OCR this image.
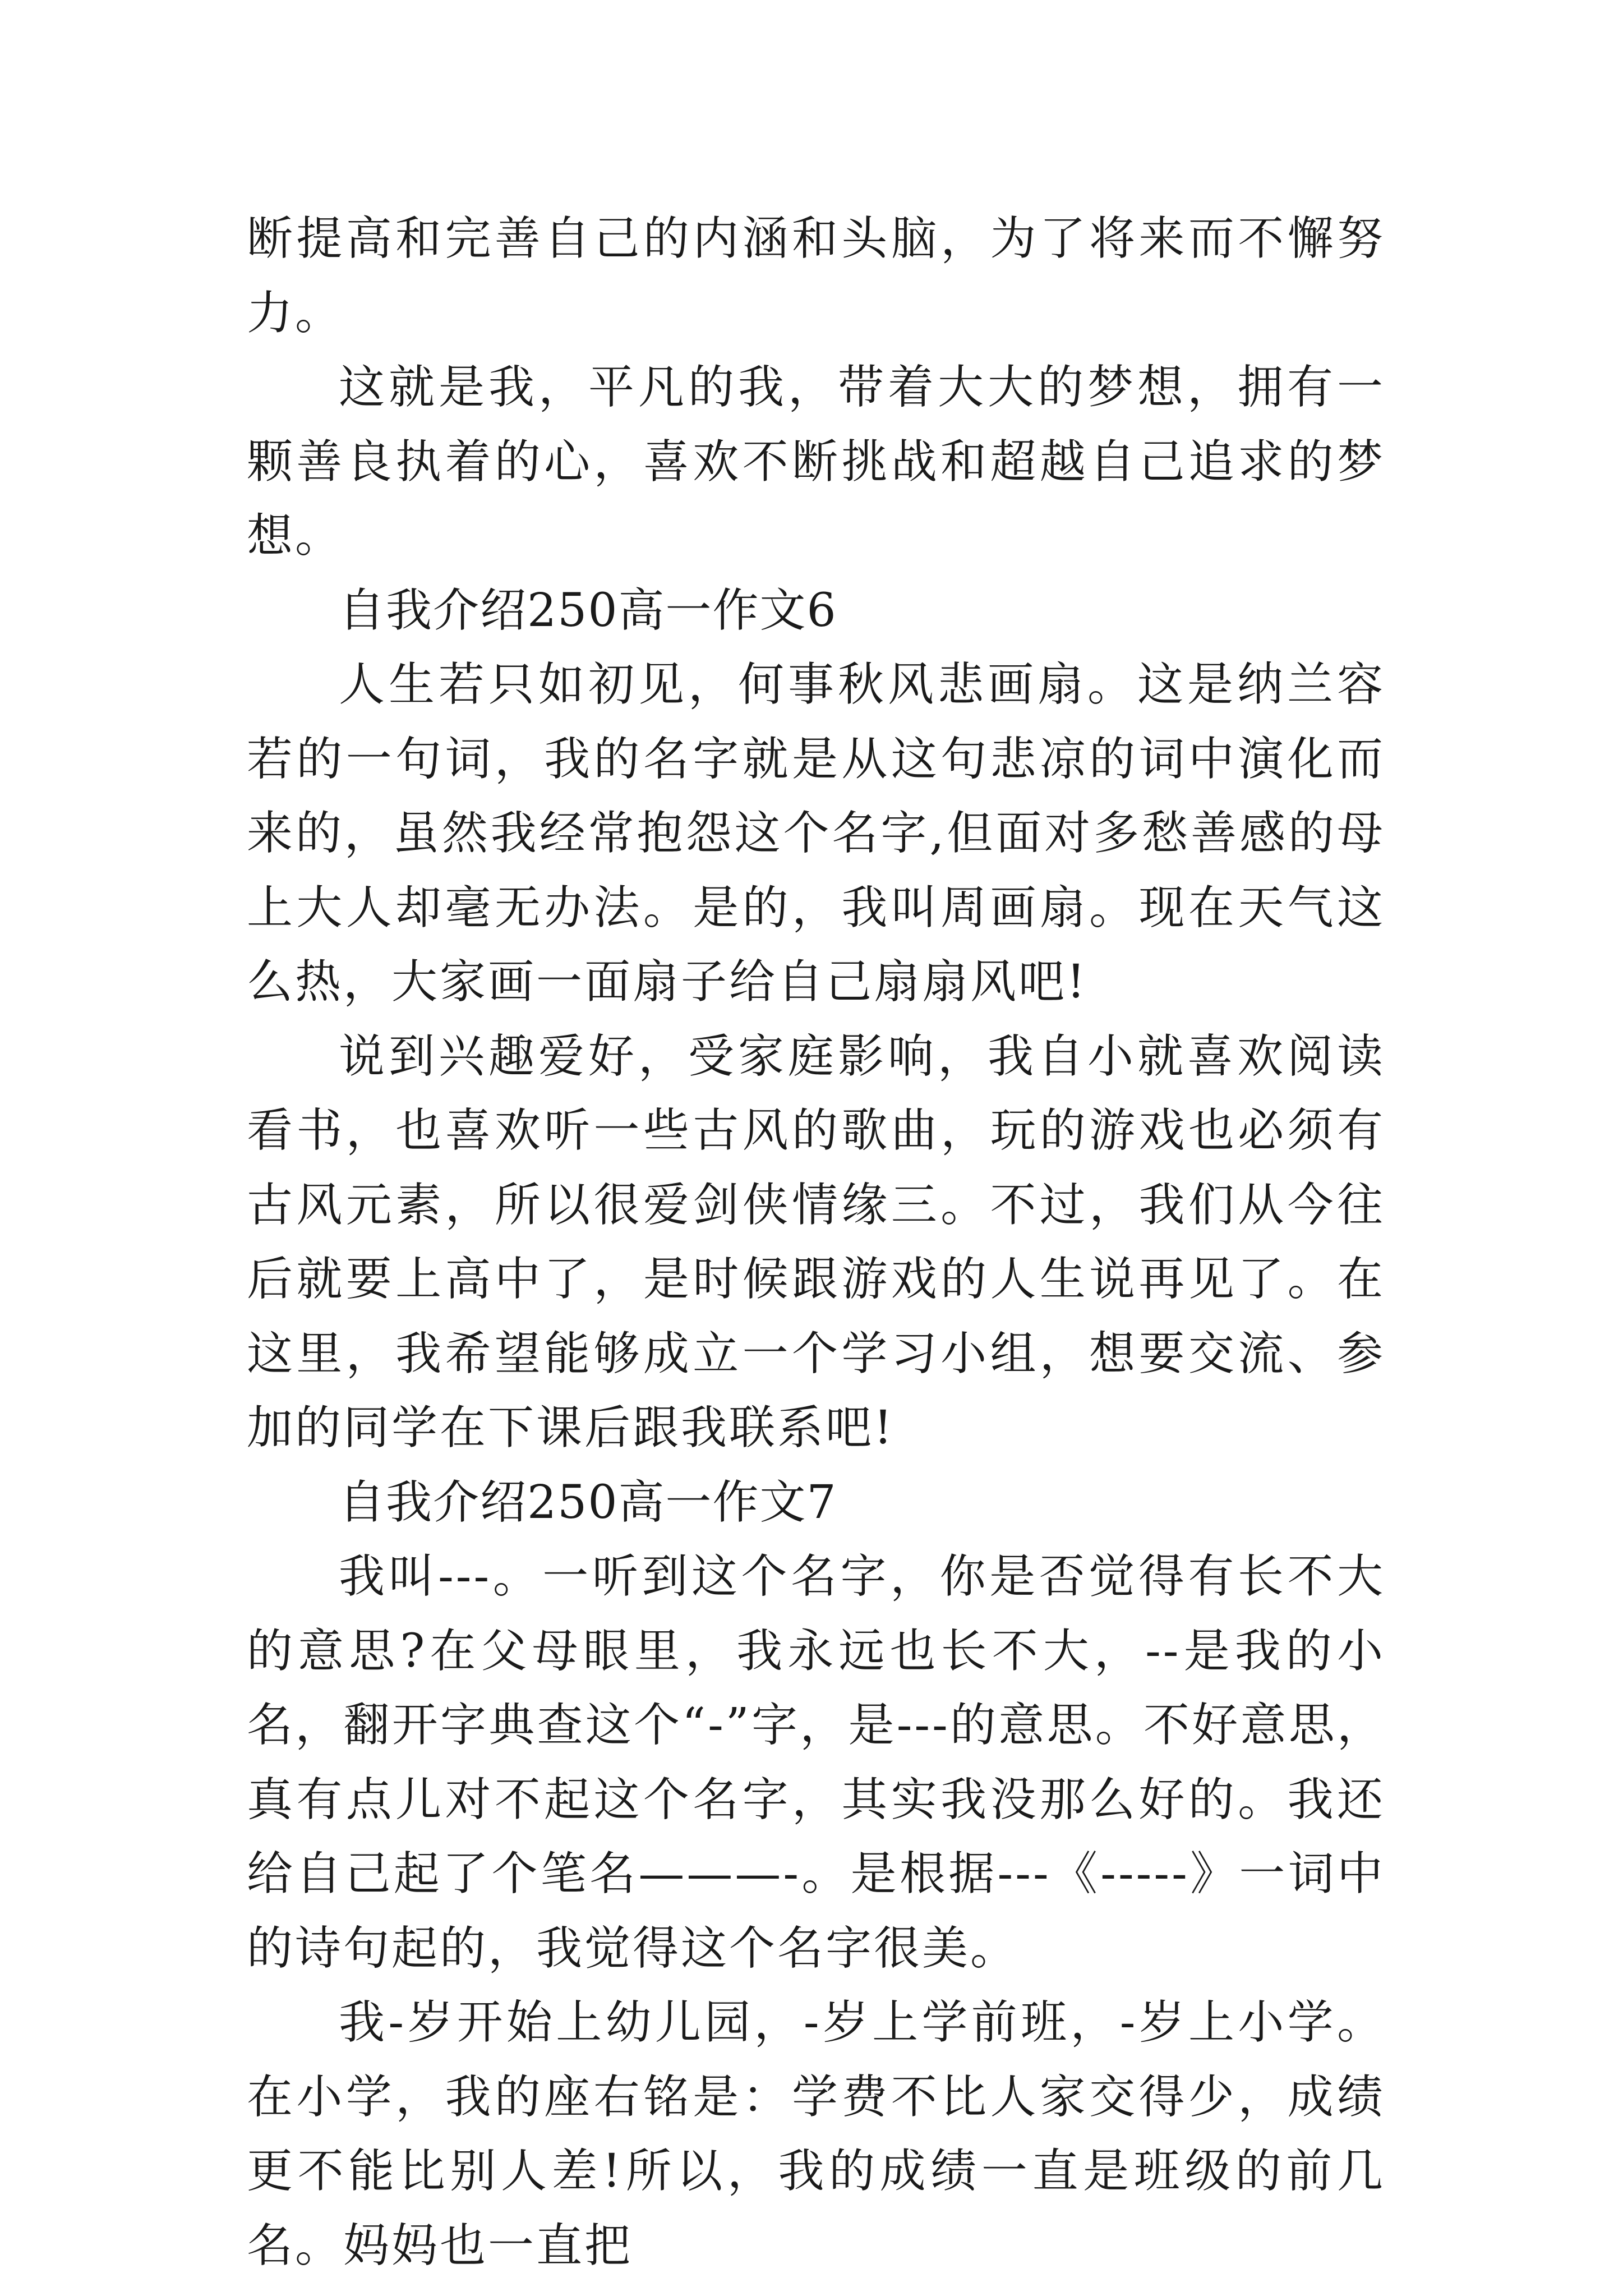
断提高和完善自己的内涵和头脑，为了将来而不懈努力。

这就是我，平凡的我，带着大大的梦想，拥有一颗善良执着的心，喜欢不断挑战和超越自己追求的梦想。

自我介绍250高一作文6

人生若只如初见，何事秋风悲画扇。这是纳兰容若的一句词，我的名字就是从这句悲凉的词中演化而来的，虽然我经常抱怨这个名字,但面对多愁善感的母上大人却毫无办法。是的，我叫周画扇。现在天气这么热，大家画一面扇子给自己扇扇风吧!

说到兴趣爱好，受家庭影响，我自小就喜欢阅读看书，也喜欢听一些古风的歌曲，玩的游戏也必须有古风元素，所以很爱剑侠情缘三。不过，我们从今往后就要上高中了，是时候跟游戏的人生说再见了。在这里，我希望能够成立一个学习小组，想要交流、参加的同学在下课后跟我联系吧!

自我介绍250高一作文7

我叫---。一听到这个名字，你是否觉得有长不大的意思?在父母眼里，我永远也长不大，--是我的小名，翻开字典查这个“-”字，是---的意思。不好意思，真有点儿对不起这个名字，其实我没那么好的。我还给自己起了个笔名———-。是根据---《-----》一词中的诗句起的，我觉得这个名字很美。

我-岁开始上幼儿园，-岁上学前班，-岁上小学。在小学，我的座右铭是：学费不比人家交得少，成绩更不能比别人差!所以，我的成绩一直是班级的前几名。妈妈也一直把
